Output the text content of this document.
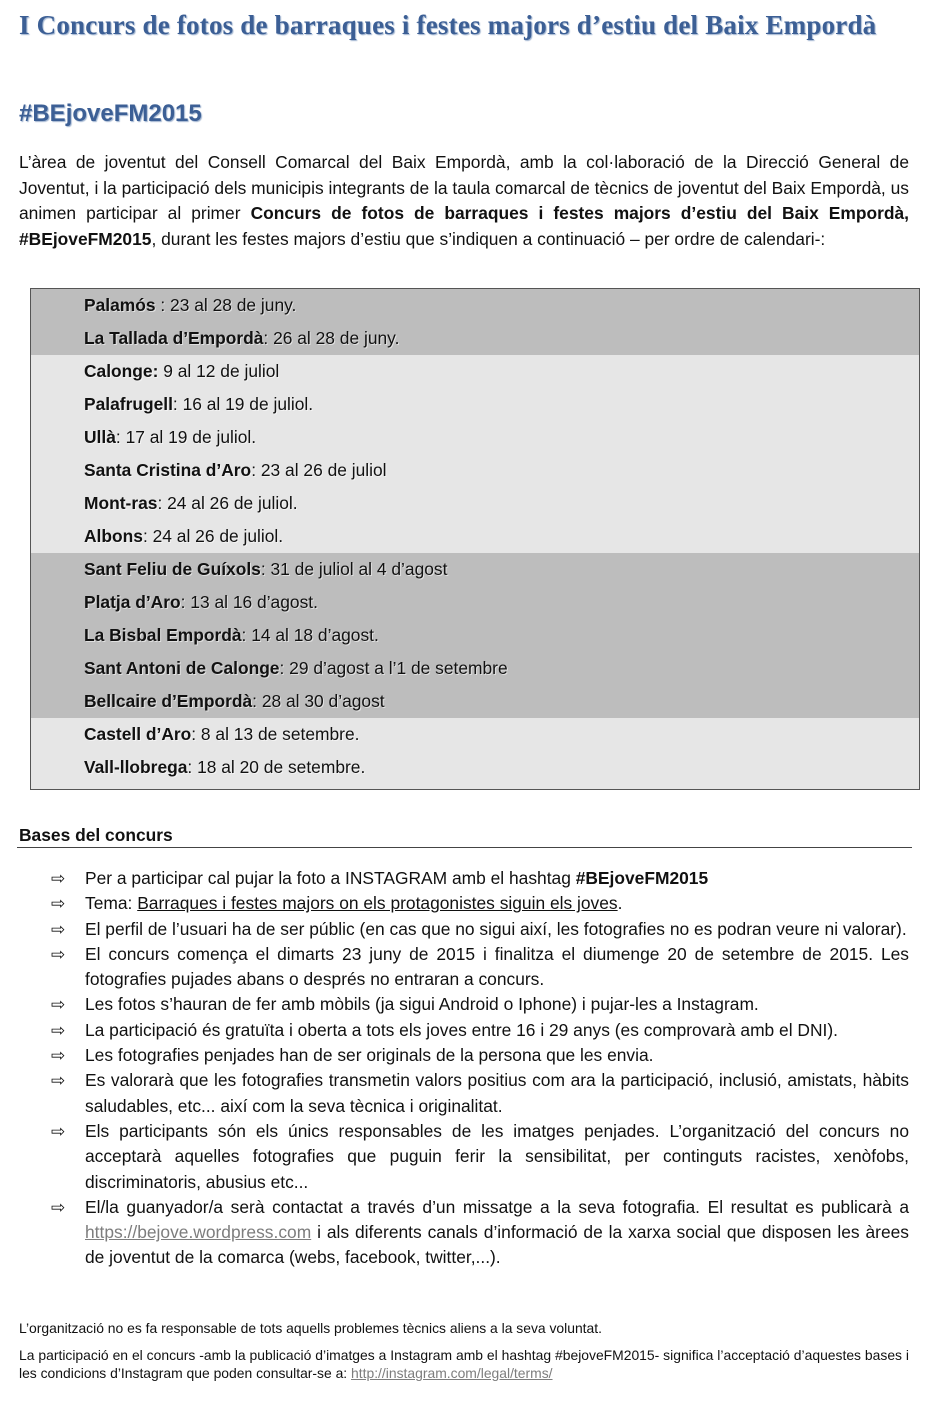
I Concurs de fotos de barraques i festes majors d’estiu del Baix Empordà
#BEjoveFM2015

L’àrea de joventut del Consell Comarcal del Baix Empordà, amb la col·laboració de la Direcció General de Joventut, i la participació dels municipis integrants de la taula comarcal de tècnics de joventut del Baix Empordà, us animen participar al primer Concurs de fotos de barraques i festes majors d’estiu del Baix Empordà, #BEjoveFM2015, durant les festes majors d’estiu que s’indiquen a continuació – per ordre de calendari-:

Palamós : 23 al 28 de juny.
La Tallada d’Empordà: 26 al 28 de juny.
Calonge: 9 al 12 de juliol
Palafrugell: 16 al 19 de juliol.
Ullà: 17 al 19 de juliol.
Santa Cristina d’Aro: 23 al 26 de juliol
Mont-ras: 24 al 26 de juliol.
Albons: 24 al 26 de juliol.
Sant Feliu de Guíxols: 31 de juliol al 4 d’agost
Platja d’Aro: 13 al 16 d’agost.
La Bisbal Empordà: 14 al 18 d’agost.
Sant Antoni de Calonge: 29 d’agost a l’1 de setembre
Bellcaire d’Empordà: 28 al 30 d’agost
Castell d’Aro: 8 al 13 de setembre.
Vall-llobrega: 18 al 20 de setembre.
Bases del concurs
⇨ Per a participar cal pujar la foto a INSTAGRAM amb el hashtag #BEjoveFM2015
⇨ Tema: Barraques i festes majors on els protagonistes siguin els joves.
⇨ El perfil de l’usuari ha de ser públic (en cas que no sigui així, les fotografies no es podran veure ni valorar).
⇨ El concurs comença el dimarts 23 juny de 2015 i finalitza el diumenge 20 de setembre de 2015. Les fotografies pujades abans o després no entraran a concurs.
⇨ Les fotos s’hauran de fer amb mòbils (ja sigui Android o Iphone) i pujar-les a Instagram.
⇨ La participació és gratuïta i oberta a tots els joves entre 16 i 29 anys (es comprovarà amb el DNI).
⇨ Les fotografies penjades han de ser originals de la persona que les envia.
⇨ Es valorarà que les fotografies transmetin valors positius com ara la participació, inclusió, amistats, hàbits saludables, etc... així com la seva tècnica i originalitat.
⇨ Els participants són els únics responsables de les imatges penjades. L’organització del concurs no acceptarà aquelles fotografies que puguin ferir la sensibilitat, per continguts racistes, xenòfobs, discriminatoris, abusius etc...
⇨ El/la guanyador/a serà contactat a través d’un missatge a la seva fotografia. El resultat es publicarà a https://bejove.wordpress.com i als diferents canals d’informació de la xarxa social que disposen les àrees de joventut de la comarca (webs, facebook, twitter,...).

L’organització no es fa responsable de tots aquells problemes tècnics aliens a la seva voluntat.

La participació en el concurs -amb la publicació d’imatges a Instagram amb el hashtag #bejoveFM2015- significa l’acceptació d’aquestes bases i les condicions d’Instagram que poden consultar-se a: http://instagram.com/legal/terms/
